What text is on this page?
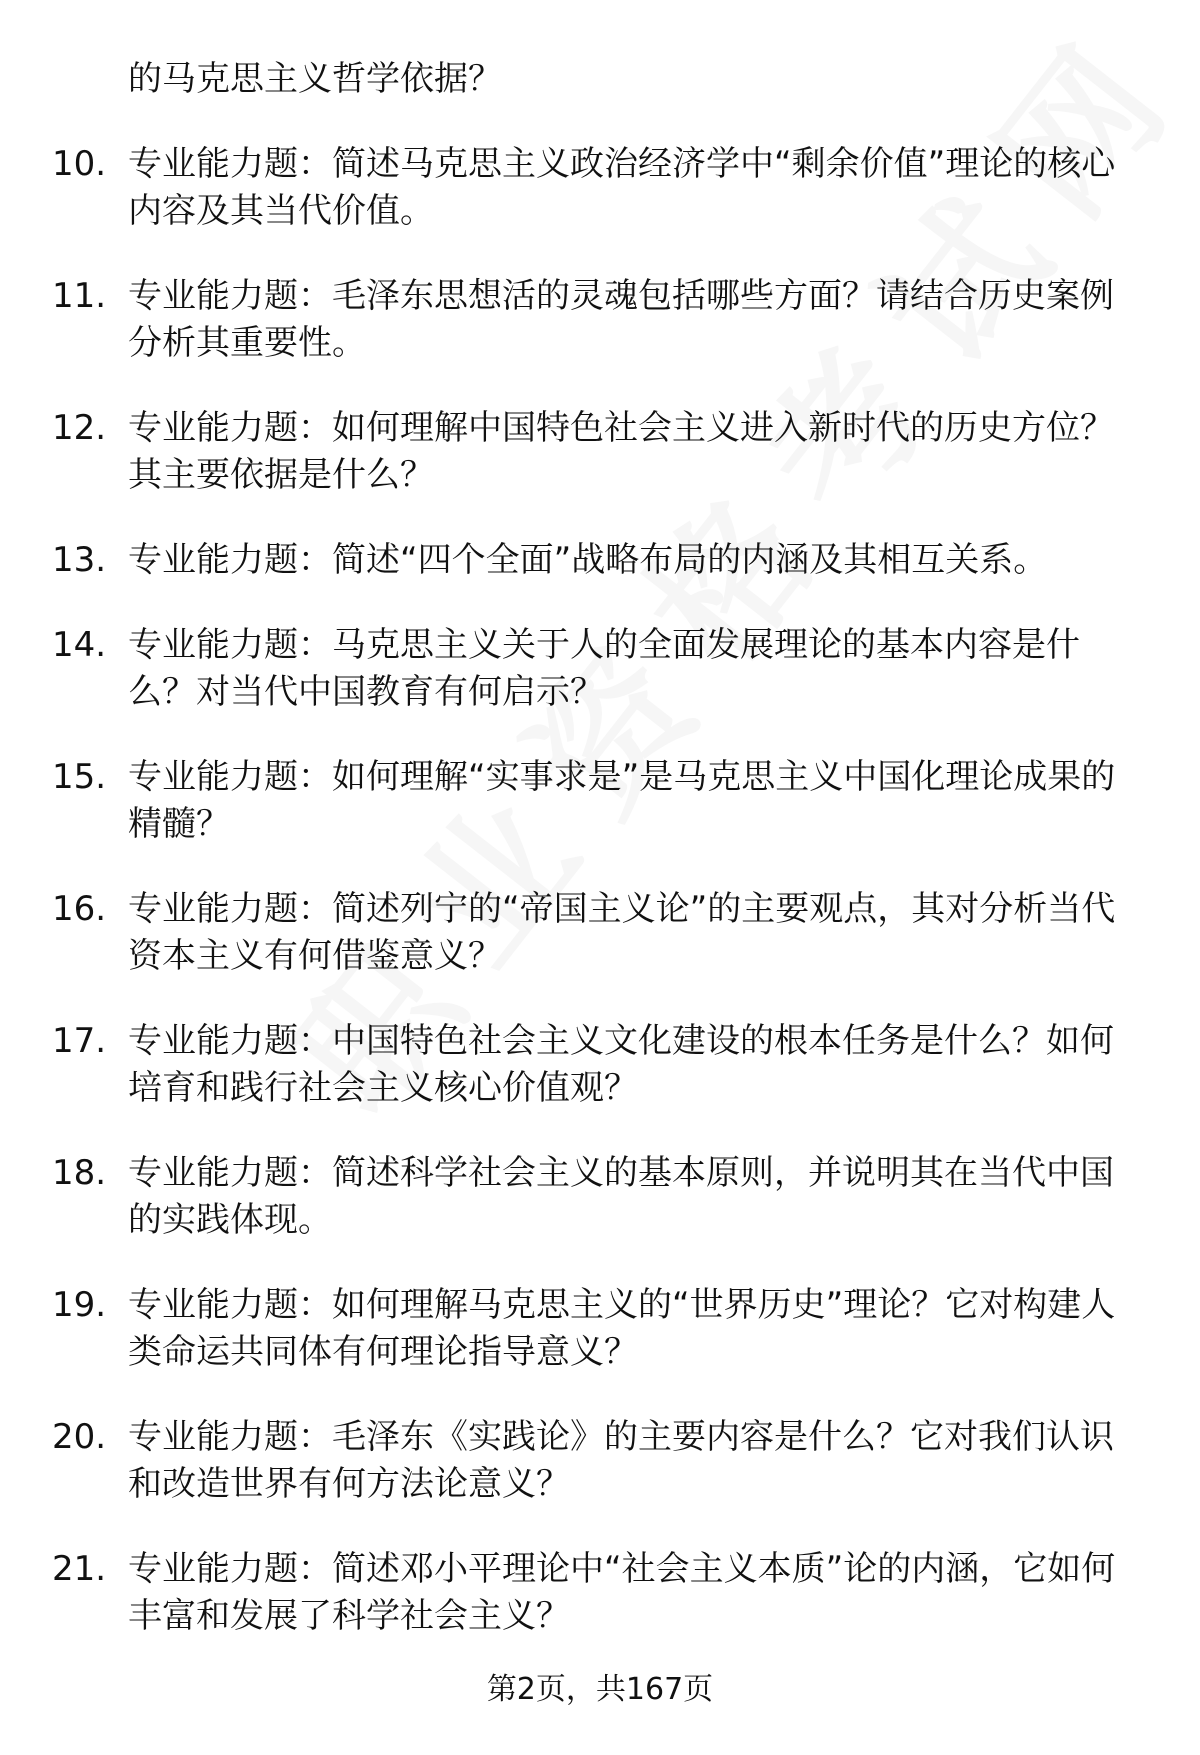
的马克思主义哲学依据？
10. 专业能力题：简述马克思主义政治经济学中“剩余价值”理论的核心内容及其当代价值。
11. 专业能力题：毛泽东思想活的灵魂包括哪些方面？请结合历史案例分析其重要性。
12. 专业能力题：如何理解中国特色社会主义进入新时代的历史方位？其主要依据是什么？
13. 专业能力题：简述“四个全面”战略布局的内涵及其相互关系。
14. 专业能力题：马克思主义关于人的全面发展理论的基本内容是什么？对当代中国教育有何启示？
15. 专业能力题：如何理解“实事求是”是马克思主义中国化理论成果的精髓？
16. 专业能力题：简述列宁的“帝国主义论”的主要观点，其对分析当代资本主义有何借鉴意义？
17. 专业能力题：中国特色社会主义文化建设的根本任务是什么？如何培育和践行社会主义核心价值观？
18. 专业能力题：简述科学社会主义的基本原则，并说明其在当代中国的实践体现。
19. 专业能力题：如何理解马克思主义的“世界历史”理论？它对构建人类命运共同体有何理论指导意义？
20. 专业能力题：毛泽东《实践论》的主要内容是什么？它对我们认识和改造世界有何方法论意义？
21. 专业能力题：简述邓小平理论中“社会主义本质”论的内涵，它如何丰富和发展了科学社会主义？
第2页，共167页
